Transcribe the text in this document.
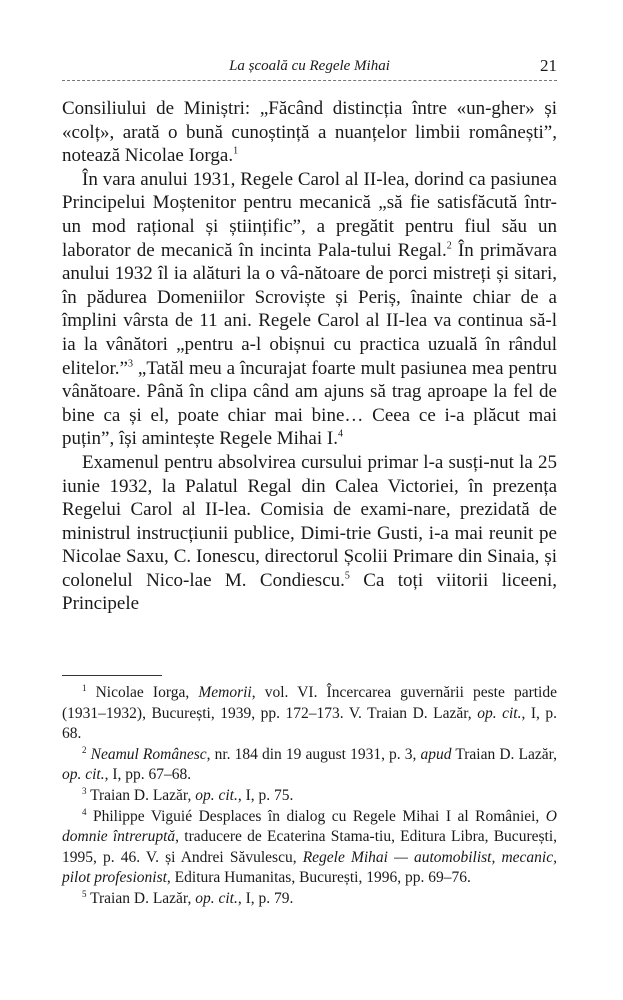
La școală cu Regele Mihai	21

Consiliului de Miniștri: „Făcând distincția între «un-gher» și «colț», arată o bună cunoștință a nuanțelor limbii românești”, notează Nicolae Iorga.$^1$

În vara anului 1931, Regele Carol al II-lea, dorind ca pasiunea Principelui Moștenitor pentru mecanică „să fie satisfăcută într-un mod rațional și științific”, a pregătit pentru fiul său un laborator de mecanică în incinta Pala-tului Regal.$^2$ În primăvara anului 1932 îl ia alături la o vâ-nătoare de porci mistreți și sitari, în pădurea Domeniilor Scroviște și Periș, înainte chiar de a împlini vârsta de 11 ani. Regele Carol al II-lea va continua să-l ia la vânători „pentru a-l obișnui cu practica uzuală în rândul elitelor.”$^3$ „Tatăl meu a încurajat foarte mult pasiunea mea pentru vânătoare. Până în clipa când am ajuns să trag aproape la fel de bine ca și el, poate chiar mai bine… Ceea ce i-a plăcut mai puțin”, își amintește Regele Mihai I.$^4$

Examenul pentru absolvirea cursului primar l-a susți-nut la 25 iunie 1932, la Palatul Regal din Calea Victoriei, în prezența Regelui Carol al II-lea. Comisia de exami-nare, prezidată de ministrul instrucțiunii publice, Dimi-trie Gusti, i-a mai reunit pe Nicolae Saxu, C. Ionescu, directorul Școlii Primare din Sinaia, și colonelul Nico-lae M. Condiescu.$^5$ Ca toți viitorii liceeni, Principele

$^1$ Nicolae Iorga, Memorii, vol. VI. Încercarea guvernării peste partide (1931–1932), București, 1939, pp. 172–173. V. Traian D. Lazăr, op. cit., I, p. 68.

$^2$ Neamul Românesc, nr. 184 din 19 august 1931, p. 3, apud Traian D. Lazăr, op. cit., I, pp. 67–68.

$^3$ Traian D. Lazăr, op. cit., I, p. 75.

$^4$ Philippe Viguié Desplaces în dialog cu Regele Mihai I al României, O domnie întreruptă, traducere de Ecaterina Stama-tiu, Editura Libra, București, 1995, p. 46. V. și Andrei Săvulescu, Regele Mihai — automobilist, mecanic, pilot profesionist, Editura Humanitas, București, 1996, pp. 69–76.

$^5$ Traian D. Lazăr, op. cit., I, p. 79.
